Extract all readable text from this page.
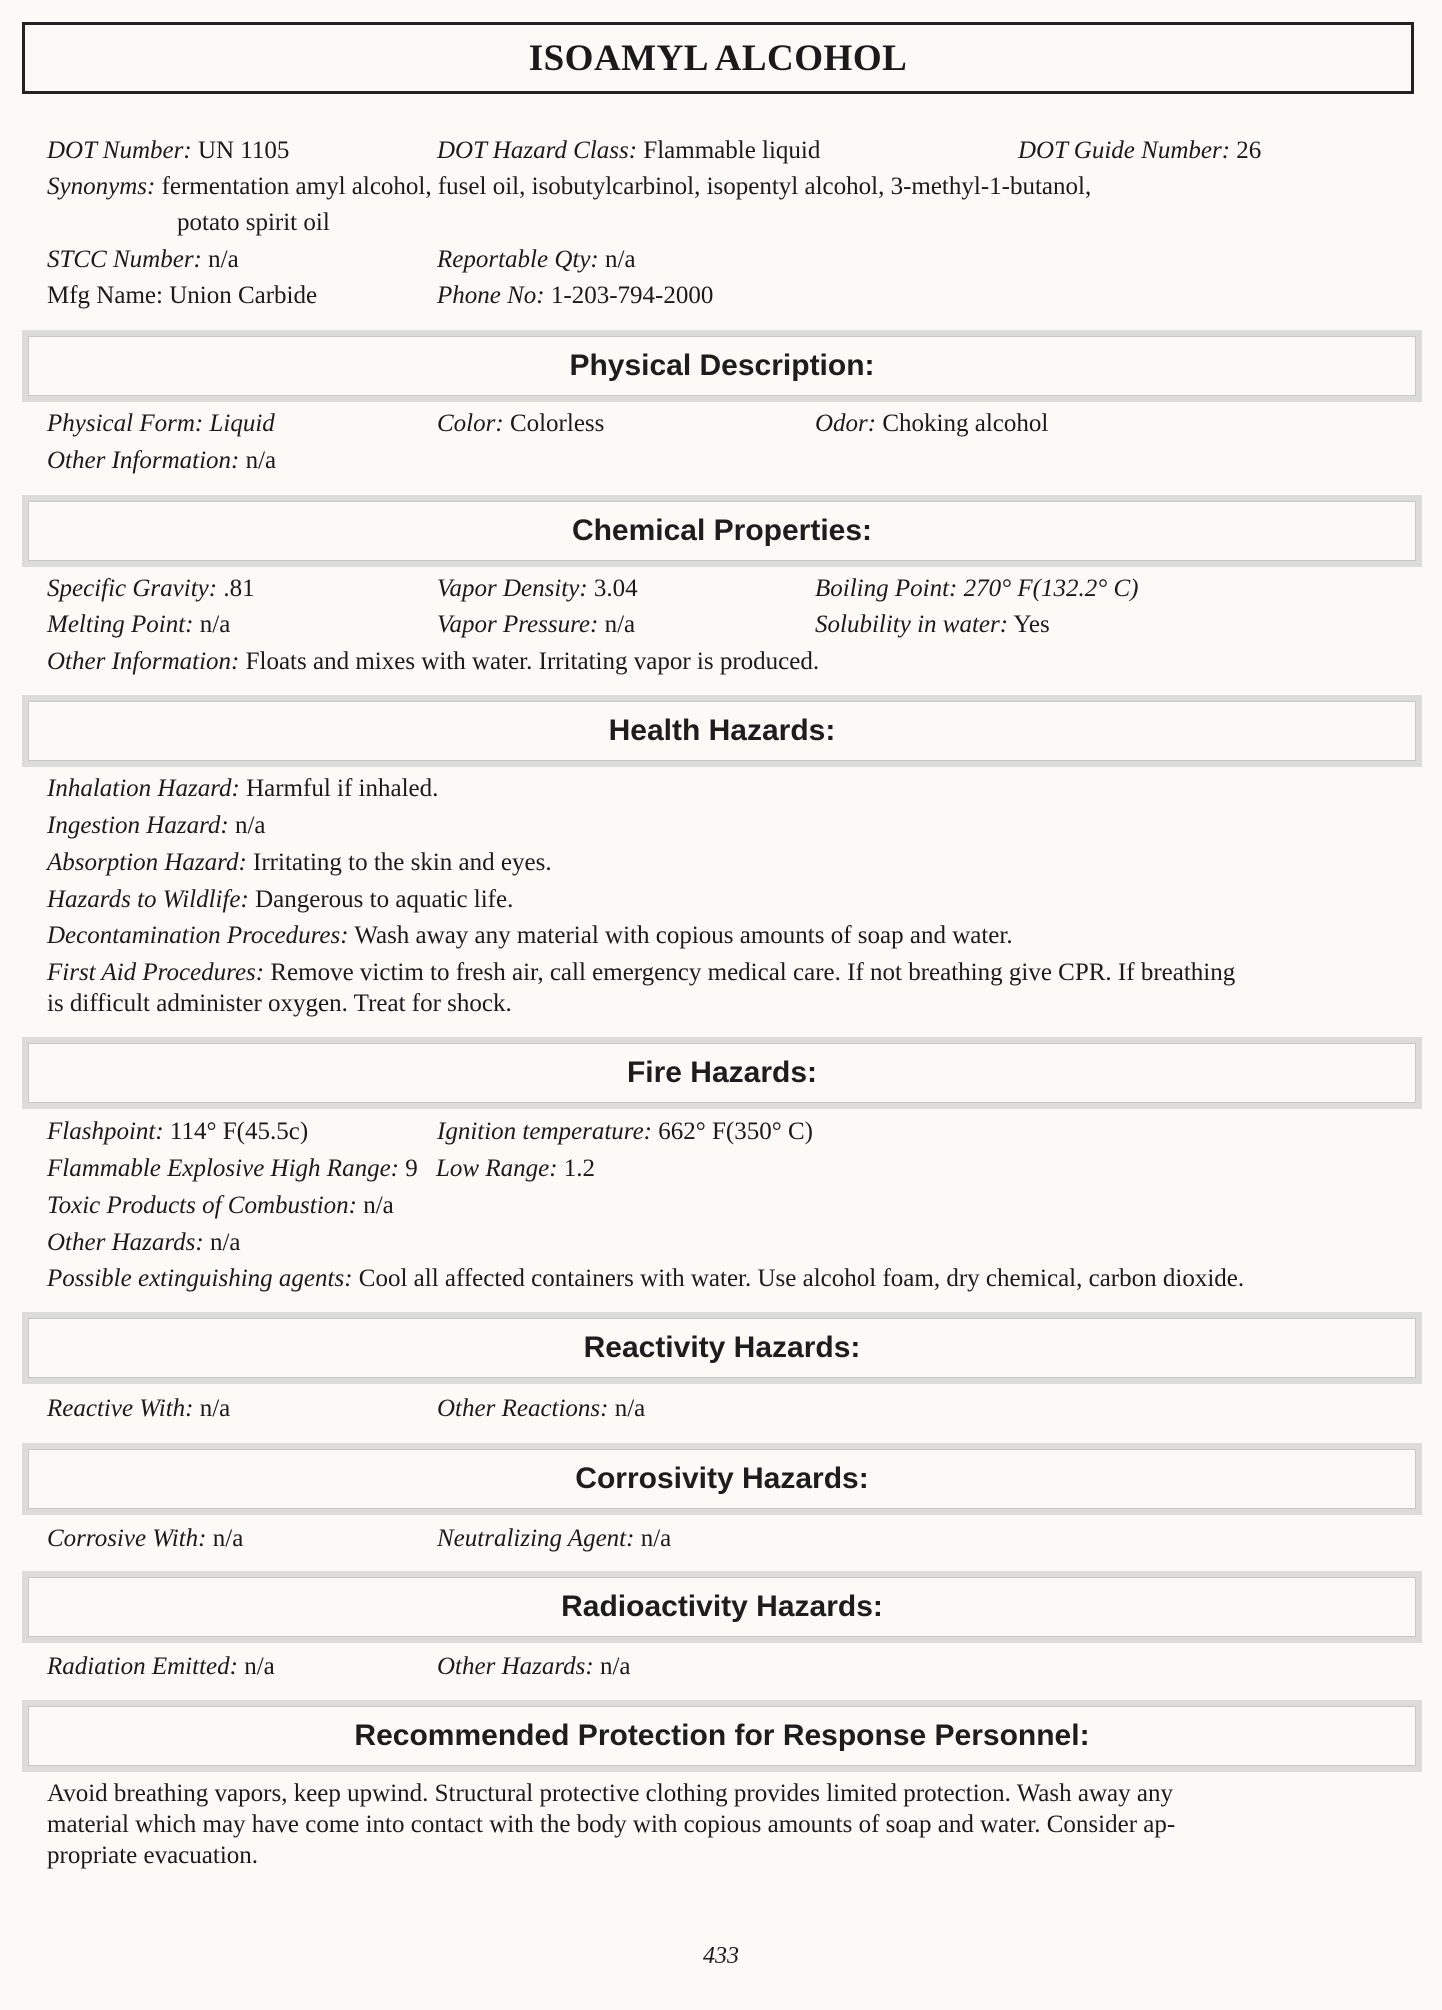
ISOAMYL ALCOHOL
DOT Number: UN 1105	DOT Hazard Class: Flammable liquid	DOT Guide Number: 26
Synonyms: fermentation amyl alcohol, fusel oil, isobutylcarbinol, isopentyl alcohol, 3-methyl-1-butanol,
potato spirit oil
STCC Number: n/a	Reportable Qty: n/a
Mfg Name: Union Carbide	Phone No: 1-203-794-2000
Physical Description:
Physical Form: Liquid	Color: Colorless	Odor: Choking alcohol
Other Information: n/a
Chemical Properties:
Specific Gravity: .81	Vapor Density: 3.04	Boiling Point: 270° F(132.2° C)
Melting Point: n/a	Vapor Pressure: n/a	Solubility in water: Yes
Other Information: Floats and mixes with water. Irritating vapor is produced.
Health Hazards:
Inhalation Hazard: Harmful if inhaled.
Ingestion Hazard: n/a
Absorption Hazard: Irritating to the skin and eyes.
Hazards to Wildlife: Dangerous to aquatic life.
Decontamination Procedures: Wash away any material with copious amounts of soap and water.
First Aid Procedures: Remove victim to fresh air, call emergency medical care. If not breathing give CPR. If breathing
is difficult administer oxygen. Treat for shock.
Fire Hazards:
Flashpoint: 114° F(45.5c)	Ignition temperature: 662° F(350° C)
Flammable Explosive High Range: 9 Low Range: 1.2
Toxic Products of Combustion: n/a
Other Hazards: n/a
Possible extinguishing agents: Cool all affected containers with water. Use alcohol foam, dry chemical, carbon dioxide.
Reactivity Hazards:
Reactive With: n/a	Other Reactions: n/a
Corrosivity Hazards:
Corrosive With: n/a	Neutralizing Agent: n/a
Radioactivity Hazards:
Radiation Emitted: n/a	Other Hazards: n/a
Recommended Protection for Response Personnel:
Avoid breathing vapors, keep upwind. Structural protective clothing provides limited protection. Wash away any
material which may have come into contact with the body with copious amounts of soap and water. Consider ap-
propriate evacuation.
433
